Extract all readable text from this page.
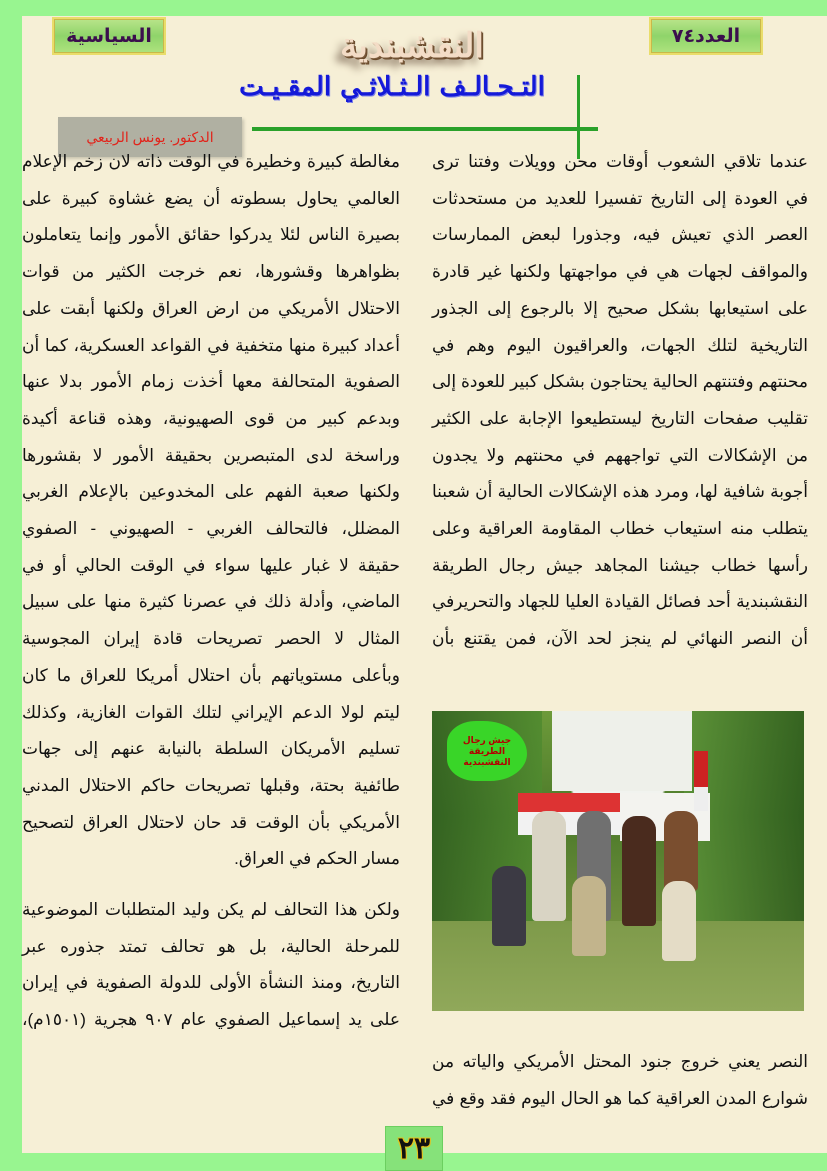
السياسية	النقشبندية	العدد٧٤
التـحـالـف الـثـلاثـي المقـيـت
الدكتور. يونس الربيعي

عندما تلاقي الشعوب أوقات محن وويلات وفتنا ترى

في العودة إلى التاريخ تفسيرا للعديد من مستحدثات

العصر الذي تعيش فيه، وجذورا لبعض الممارسات

والمواقف لجهات هي في مواجهتها ولكنها غير قادرة

على استيعابها بشكل صحيح إلا بالرجوع إلى الجذور

التاريخية لتلك الجهات، والعراقيون اليوم وهم في

محنتهم وفتنتهم الحالية يحتاجون بشكل كبير للعودة إلى

تقليب صفحات التاريخ ليستطيعوا الإجابة على الكثير

من الإشكالات التي تواجههم في محنتهم ولا يجدون

أجوبة شافية لها، ومرد هذه الإشكالات الحالية أن شعبنا

يتطلب منه استيعاب خطاب المقاومة العراقية وعلى

رأسها خطاب جيشنا المجاهد جيش رجال الطريقة

النقشبندية أحد فصائل القيادة العليا للجهاد والتحريرفي

أن النصر النهائي لم ينجز لحد الآن، فمن يقتنع بأن

جيش رجال الطريقة النقشبندية

النصر يعني خروج جنود المحتل الأمريكي والياته من

شوارع المدن العراقية كما هو الحال اليوم فقد وقع في

مغالطة كبيرة وخطيرة في الوقت ذاته لان زخم الإعلام

العالمي يحاول بسطوته أن يضع غشاوة كبيرة على

بصيرة الناس لئلا يدركوا حقائق الأمور وإنما يتعاملون

بظواهرها وقشورها، نعم خرجت الكثير من قوات

الاحتلال الأمريكي من ارض العراق ولكنها أبقت على

أعداد كبيرة منها متخفية في القواعد العسكرية، كما أن

الصفوية المتحالفة معها أخذت زمام الأمور بدلا عنها

وبدعم كبير من قوى الصهيونية، وهذه قناعة أكيدة

وراسخة لدى المتبصرين بحقيقة الأمور لا بقشورها

ولكنها صعبة الفهم على المخدوعين بالإعلام الغربي

المضلل، فالتحالف الغربي - الصهيوني - الصفوي

حقيقة لا غبار عليها سواء في الوقت الحالي أو في

الماضي، وأدلة ذلك في عصرنا كثيرة منها على سبيل

المثال لا الحصر تصريحات قادة إيران المجوسية

وبأعلى مستوياتهم بأن احتلال أمريكا للعراق ما كان

ليتم لولا الدعم الإيراني لتلك القوات الغازية، وكذلك

تسليم الأمريكان السلطة بالنيابة عنهم إلى جهات

طائفية بحتة، وقبلها تصريحات حاكم الاحتلال المدني

الأمريكي بأن الوقت قد حان لاحتلال العراق لتصحيح

مسار الحكم في العراق.

ولكن هذا التحالف لم يكن وليد المتطلبات الموضوعية

للمرحلة الحالية، بل هو تحالف تمتد جذوره عبر

التاريخ، ومنذ النشأة الأولى للدولة الصفوية في إيران

على يد إسماعيل الصفوي عام ٩٠٧ هجرية (١٥٠١م)،

٢٣
